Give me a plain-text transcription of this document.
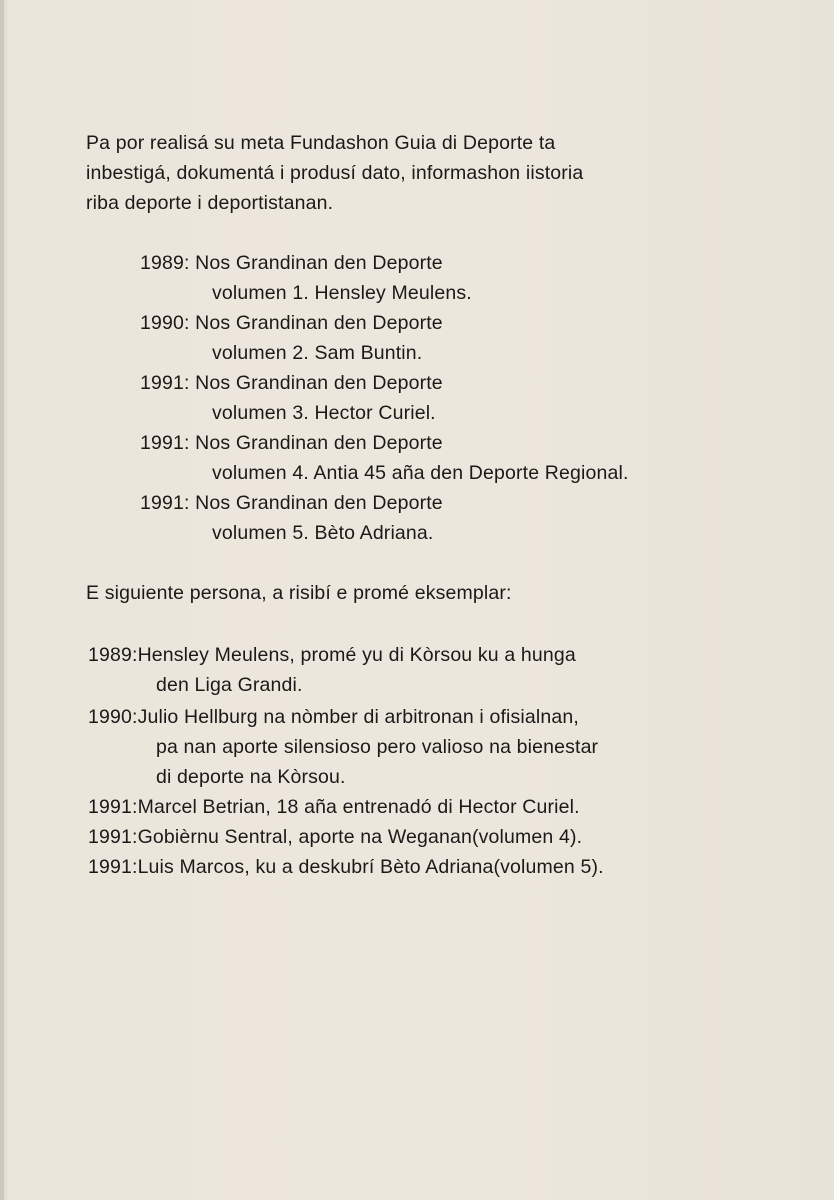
Pa por realisá su meta Fundashon Guia di Deporte ta
inbestigá, dokumentá i produsí dato, informashon iistoria
riba deporte i deportistanan.
1989: Nos Grandinan den Deporte
volumen 1. Hensley Meulens.
1990: Nos Grandinan den Deporte
volumen 2. Sam Buntin.
1991: Nos Grandinan den Deporte
volumen 3. Hector Curiel.
1991: Nos Grandinan den Deporte
volumen 4. Antia 45 aña den Deporte Regional.
1991: Nos Grandinan den Deporte
volumen 5. Bèto Adriana.
E siguiente persona, a risibí e promé eksemplar:
1989:Hensley Meulens, promé yu di Kòrsou ku a hunga
den Liga Grandi.
1990:Julio Hellburg na nòmber di arbitronan i ofisialnan,
pa nan aporte silensioso pero valioso na bienestar
di deporte na Kòrsou.
1991:Marcel Betrian, 18 aña entrenadó di Hector Curiel.
1991:Gobièrnu Sentral, aporte na Weganan(volumen 4).
1991:Luis Marcos, ku a deskubrí Bèto Adriana(volumen 5).
